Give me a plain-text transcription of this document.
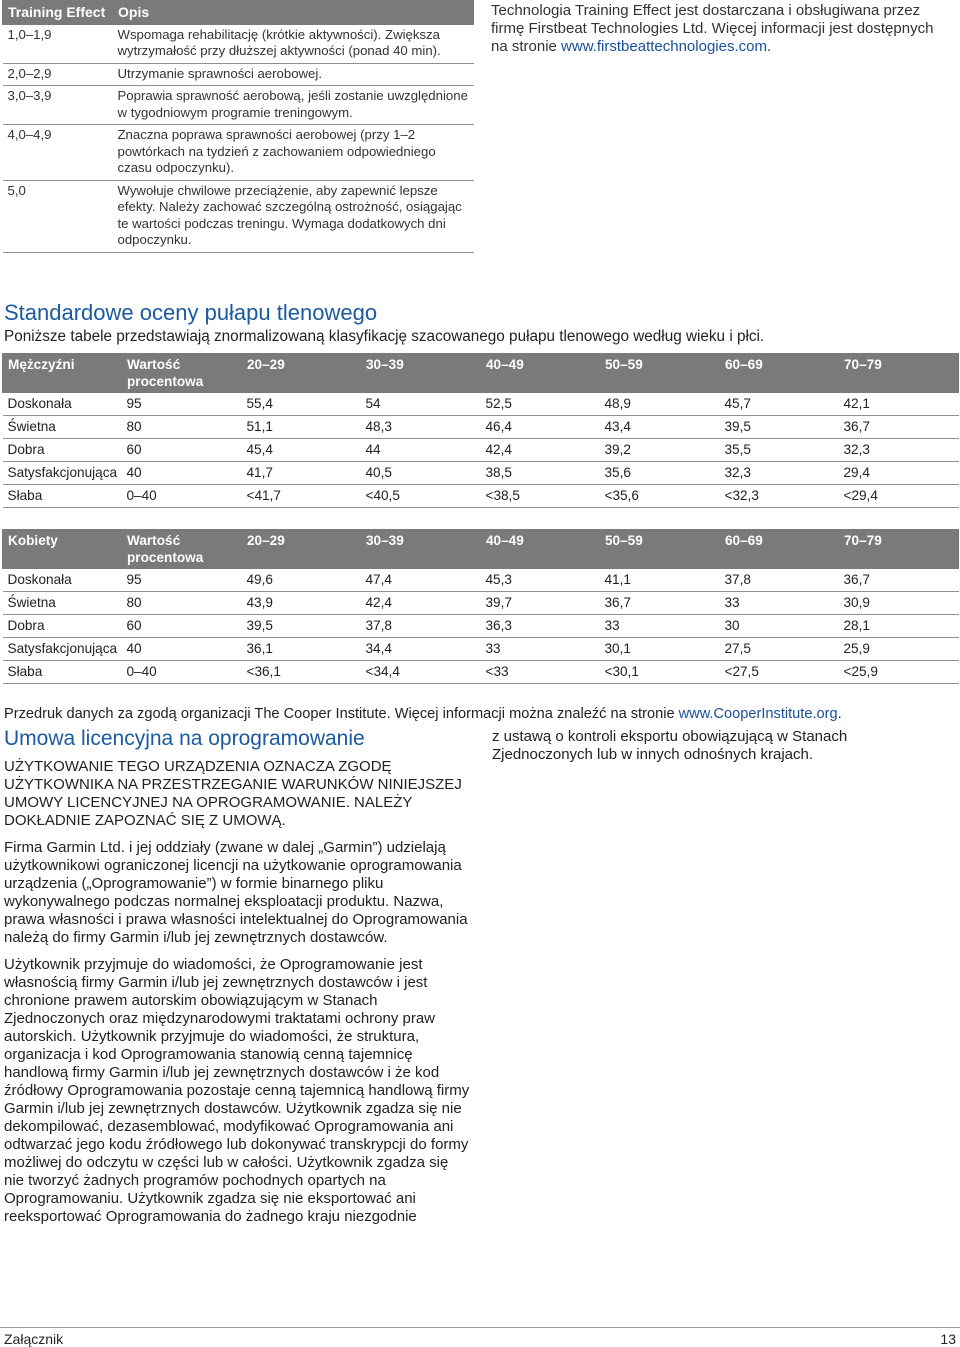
Training Effect	Opis
1,0–1,9	Wspomaga rehabilitację (krótkie aktywności). Zwiększa wytrzymałość przy dłuższej aktywności (ponad 40 min).
2,0–2,9	Utrzymanie sprawności aerobowej.
3,0–3,9	Poprawia sprawność aerobową, jeśli zostanie uwzględnione w tygodniowym programie treningowym.
4,0–4,9	Znaczna poprawa sprawności aerobowej (przy 1–2 powtórkach na tydzień z zachowaniem odpowiedniego czasu odpoczynku).
5,0	Wywołuje chwilowe przeciążenie, aby zapewnić lepsze efekty. Należy zachować szczególną ostrożność, osiągając te wartości podczas treningu. Wymaga dodatkowych dni odpoczynku.
Technologia Training Effect jest dostarczana i obsługiwana przez firmę Firstbeat Technologies Ltd. Więcej informacji jest dostępnych na stronie www.firstbeattechnologies.com.
Standardowe oceny pułapu tlenowego
Poniższe tabele przedstawiają znormalizowaną klasyfikację szacowanego pułapu tlenowego według wieku i płci.
Mężczyźni	Wartość procentowa	20–29	30–39	40–49	50–59	60–69	70–79
Doskonała	95	55,4	54	52,5	48,9	45,7	42,1
Świetna	80	51,1	48,3	46,4	43,4	39,5	36,7
Dobra	60	45,4	44	42,4	39,2	35,5	32,3
Satysfakcjonująca	40	41,7	40,5	38,5	35,6	32,3	29,4
Słaba	0–40	<41,7	<40,5	<38,5	<35,6	<32,3	<29,4
Kobiety	Wartość procentowa	20–29	30–39	40–49	50–59	60–69	70–79
Doskonała	95	49,6	47,4	45,3	41,1	37,8	36,7
Świetna	80	43,9	42,4	39,7	36,7	33	30,9
Dobra	60	39,5	37,8	36,3	33	30	28,1
Satysfakcjonująca	40	36,1	34,4	33	30,1	27,5	25,9
Słaba	0–40	<36,1	<34,4	<33	<30,1	<27,5	<25,9
Przedruk danych za zgodą organizacji The Cooper Institute. Więcej informacji można znaleźć na stronie www.CooperInstitute.org.
Umowa licencyjna na oprogramowanie

UŻYTKOWANIE TEGO URZĄDZENIA OZNACZA ZGODĘ UŻYTKOWNIKA NA PRZESTRZEGANIE WARUNKÓW NINIEJSZEJ UMOWY LICENCYJNEJ NA OPROGRAMOWANIE. NALEŻY DOKŁADNIE ZAPOZNAĆ SIĘ Z UMOWĄ.

Firma Garmin Ltd. i jej oddziały (zwane w dalej „Garmin”) udzielają użytkownikowi ograniczonej licencji na użytkowanie oprogramowania urządzenia („Oprogramowanie”) w formie binarnego pliku wykonywalnego podczas normalnej eksploatacji produktu. Nazwa, prawa własności i prawa własności intelektualnej do Oprogramowania należą do firmy Garmin i/lub jej zewnętrznych dostawców.

Użytkownik przyjmuje do wiadomości, że Oprogramowanie jest własnością firmy Garmin i/lub jej zewnętrznych dostawców i jest chronione prawem autorskim obowiązującym w Stanach Zjednoczonych oraz międzynarodowymi traktatami ochrony praw autorskich. Użytkownik przyjmuje do wiadomości, że struktura, organizacja i kod Oprogramowania stanowią cenną tajemnicę handlową firmy Garmin i/lub jej zewnętrznych dostawców i że kod źródłowy Oprogramowania pozostaje cenną tajemnicą handlową firmy Garmin i/lub jej zewnętrznych dostawców. Użytkownik zgadza się nie dekompilować, dezasemblować, modyfikować Oprogramowania ani odtwarzać jego kodu źródłowego lub dokonywać transkrypcji do formy możliwej do odczytu w części lub w całości. Użytkownik zgadza się nie tworzyć żadnych programów pochodnych opartych na Oprogramowaniu. Użytkownik zgadza się nie eksportować ani reeksportować Oprogramowania do żadnego kraju niezgodnie

z ustawą o kontroli eksportu obowiązującą w Stanach Zjednoczonych lub w innych odnośnych krajach.
Załącznik	13
